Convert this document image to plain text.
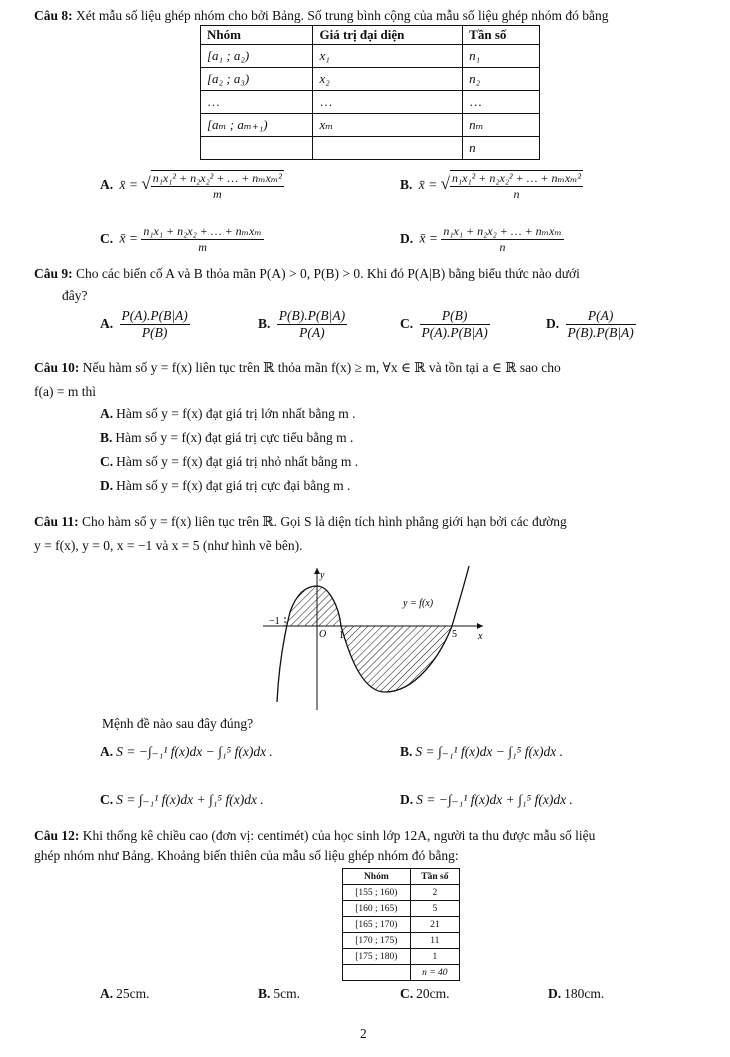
Câu 8: Xét mẫu số liệu ghép nhóm cho bởi Bảng. Số trung bình cộng của mẫu số liệu ghép nhóm đó bằng
Nhóm	Giá trị đại diện	Tần số
[a₁ ; a₂)	x₁	n₁
[a₂ ; a₃)	x₂	n₂
…	…	…
[aₘ ; aₘ₊₁)	xₘ	nₘ
		n
A. x̄ = √ $\frac{\text{n₁x₁² + n₂x₂² + … + nₘxₘ²}}{m}$	B. x̄ = √ $\frac{\text{n₁x₁² + n₂x₂² + … + nₘxₘ²}}{n}$
C. x̄ = $\frac{\text{n₁x₁ + n₂x₂ + … + nₘxₘ}}{m}$	D. x̄ = $\frac{\text{n₁x₁ + n₂x₂ + … + nₘxₘ}}{n}$
Câu 9: Cho các biến cố A và B thỏa mãn P(A) > 0, P(B) > 0. Khi đó P(A|B) bằng biểu thức nào dưới
đây?
A. $\frac{P(A).P(B|A)}{P(B)}$	B. $\frac{P(B).P(B|A)}{P(A)}$	C. $\frac{P(B)}{P(A).P(B|A)}$	D. $\frac{P(A)}{P(B).P(B|A)}$
Câu 10: Nếu hàm số y = f(x) liên tục trên ℝ thỏa mãn f(x) ≥ m, ∀x ∈ ℝ và tồn tại a ∈ ℝ sao cho
f(a) = m thì
A. Hàm số y = f(x) đạt giá trị lớn nhất bằng m .
B. Hàm số y = f(x) đạt giá trị cực tiểu bằng m .
C. Hàm số y = f(x) đạt giá trị nhỏ nhất bằng m .
D. Hàm số y = f(x) đạt giá trị cực đại bằng m .
Câu 11: Cho hàm số y = f(x) liên tục trên ℝ. Gọi S là diện tích hình phẳng giới hạn bởi các đường
y = f(x), y = 0, x = −1 và x = 5 (như hình vẽ bên).
y
x
y = f(x)
O
−1
1	5
Mệnh đề nào sau đây đúng?
A. S = −∫₋₁¹ f(x)dx − ∫₁⁵ f(x)dx .	B. S = ∫₋₁¹ f(x)dx − ∫₁⁵ f(x)dx .
C. S = ∫₋₁¹ f(x)dx + ∫₁⁵ f(x)dx .	D. S = −∫₋₁¹ f(x)dx + ∫₁⁵ f(x)dx .
Câu 12: Khi thống kê chiều cao (đơn vị: centimét) của học sinh lớp 12A, người ta thu được mẫu số liệu
ghép nhóm như Bảng. Khoảng biến thiên của mẫu số liệu ghép nhóm đó bằng:
Nhóm	Tần số
[155 ; 160)	2
[160 ; 165)	5
[165 ; 170)	21
[170 ; 175)	11
[175 ; 180)	1
	n = 40
A. 25cm.	B. 5cm.	C. 20cm.	D. 180cm.
2
